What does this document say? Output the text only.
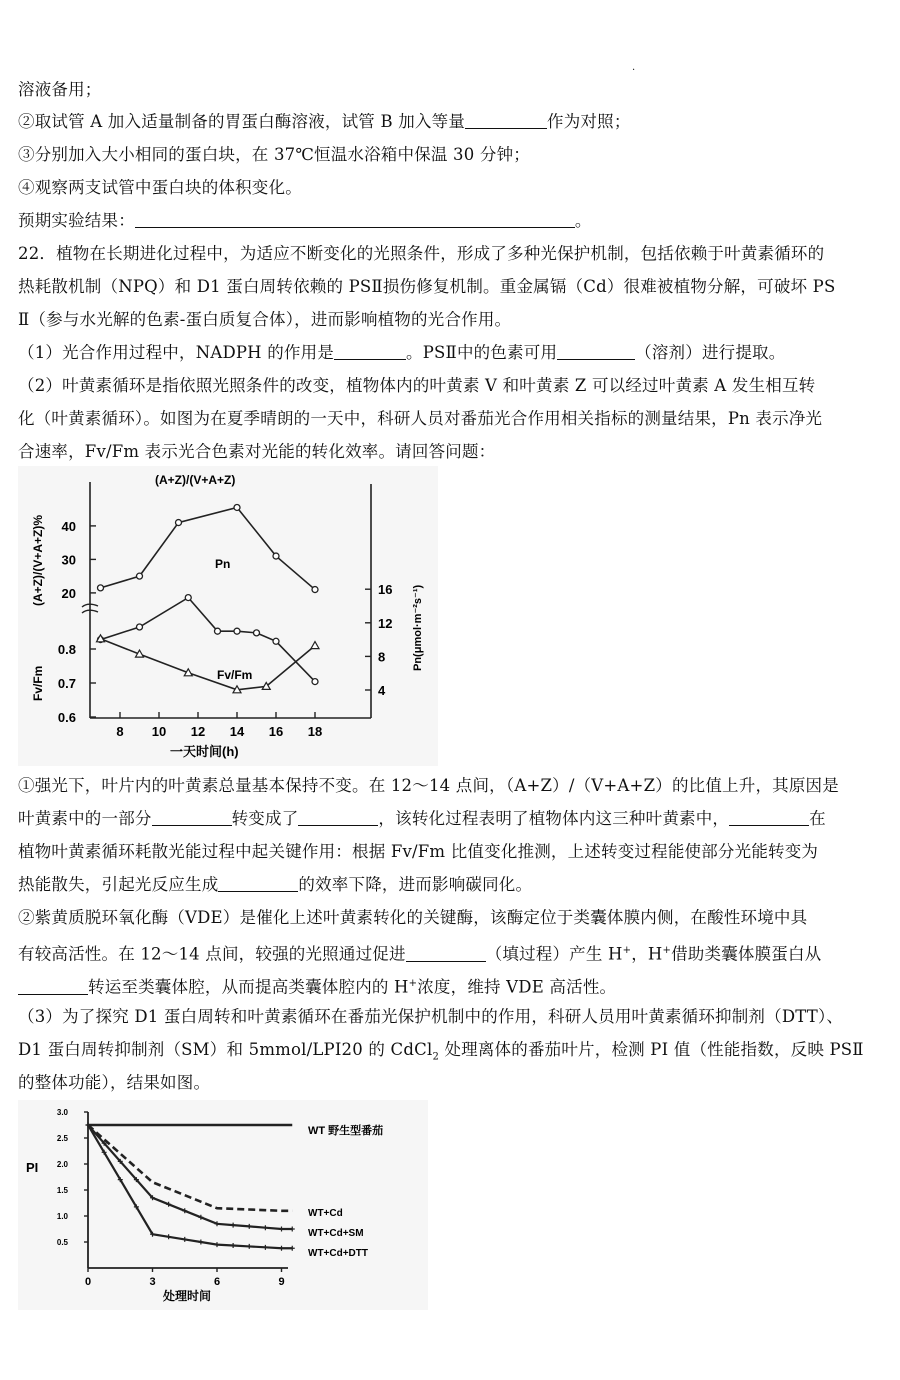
.
溶液备用；
②取试管 A 加入适量制备的胃蛋白酶溶液，试管 B 加入等量	作为对照；
③分别加入大小相同的蛋白块，在 37℃恒温水浴箱中保温 30 分钟；
④观察两支试管中蛋白块的体积变化。
预期实验结果：	。
22．植物在长期进化过程中，为适应不断变化的光照条件，形成了多种光保护机制，包括依赖于叶黄素循环的
热耗散机制（NPQ）和 D1 蛋白周转依赖的 PSⅡ损伤修复机制。重金属镉（Cd）很难被植物分解，可破坏 PS
Ⅱ（参与水光解的色素-蛋白质复合体），进而影响植物的光合作用。
（1）光合作用过程中，NADPH 的作用是	。PSⅡ中的色素可用	（溶剂）进行提取。
（2）叶黄素循环是指依照光照条件的改变，植物体内的叶黄素 V 和叶黄素 Z 可以经过叶黄素 A 发生相互转
化（叶黄素循环）。如图为在夏季晴朗的一天中，科研人员对番茄光合作用相关指标的测量结果，Pn 表示净光
合速率，Fv/Fm 表示光合色素对光能的转化效率。请回答问题：
(A+Z)/(V+A+Z)
(A+Z)/(V+A+Z)%
Fv/Fm
Pn(μmol·m⁻²s⁻¹)
一天时间(h)
8 10 12 14 16 18
20
30
40
0.6
0.7
0.8
4
8
12
16
Pn
Fv/Fm
①强光下，叶片内的叶黄素总量基本保持不变。在 12～14 点间，（A+Z）/（V+A+Z）的比值上升，其原因是
叶黄素中的一部分	转变成了	，该转化过程表明了植物体内这三种叶黄素中，	在
植物叶黄素循环耗散光能过程中起关键作用：根据 Fv/Fm 比值变化推测，上述转变过程能使部分光能转变为
热能散失，引起光反应生成	的效率下降，进而影响碳同化。
②紫黄质脱环氧化酶（VDE）是催化上述叶黄素转化的关键酶，该酶定位于类囊体膜内侧，在酸性环境中具
有较高活性。在 12～14 点间，较强的光照通过促进	（填过程）产生 H+，H+借助类囊体膜蛋白从
转运至类囊体腔，从而提高类囊体腔内的 H+浓度，维持 VDE 高活性。
（3）为了探究 D1 蛋白周转和叶黄素循环在番茄光保护机制中的作用，科研人员用叶黄素循环抑制剂（DTT）、
D1 蛋白周转抑制剂（SM）和 5mmol/LPI20 的 CdCl$_2$ 处理离体的番茄叶片，检测 PI 值（性能指数，反映 PSⅡ
的整体功能），结果如图。
PI
处理时间
0	3	6	9
0.5
1.0
1.5
2.0
2.5
3.0
WT 野生型番茄
WT+Cd
WT+Cd+SM
WT+Cd+DTT
